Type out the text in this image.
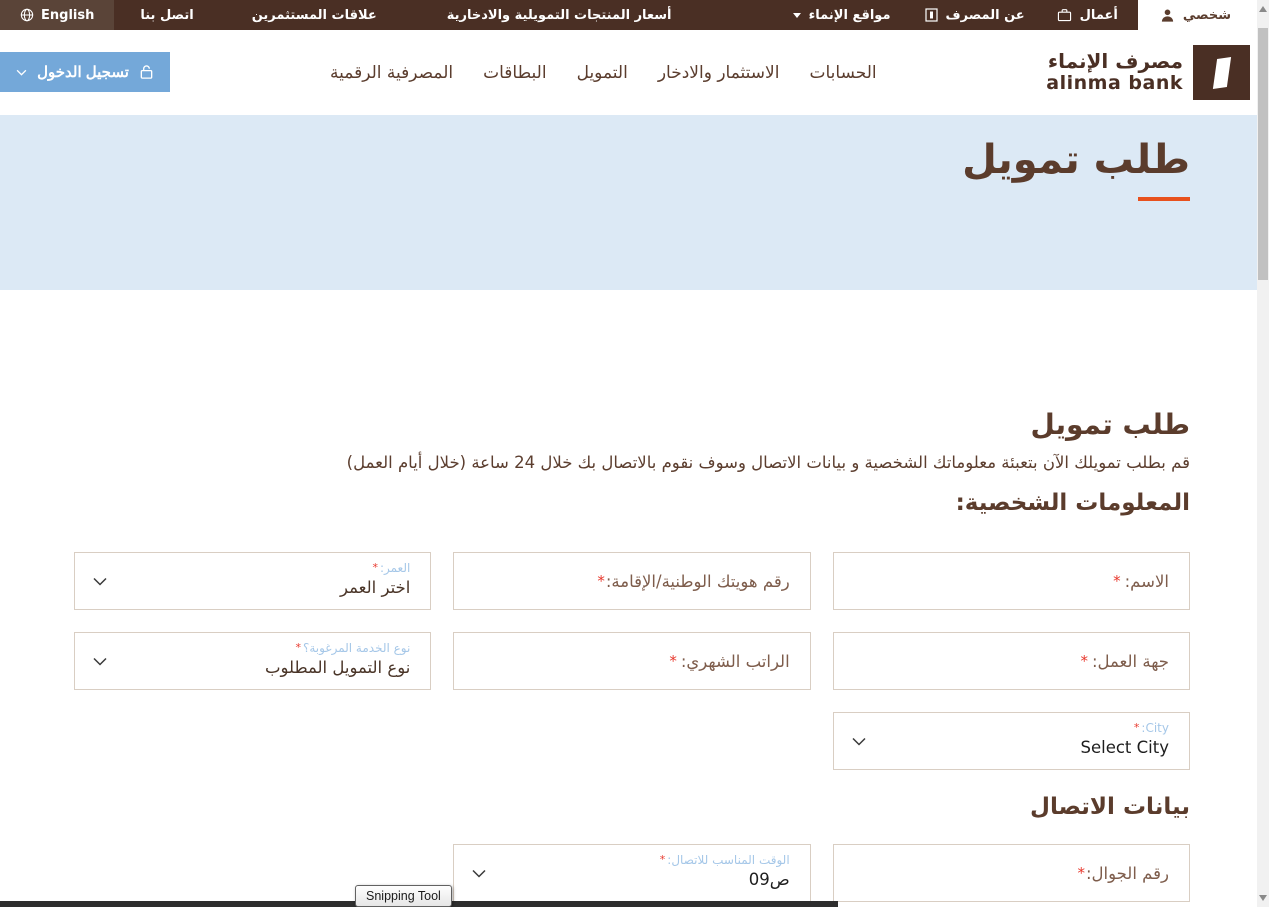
English	اتصل بنا	علاقات المستثمرين	أسعار المنتجات التمويلية والادخارية	مواقع الإنماء	عن المصرف	أعمال	شخصي
تسجيل الدخول	المصرفية الرقمية البطاقات التمويل الاستثمار والادخار الحسابات	مصرف الإنماء
alinma bank
طلب تمويل
طلب تمويل

قم بطلب تمويلك الآن بتعبئة معلوماتك الشخصية و بيانات الاتصال وسوف نقوم بالاتصال بك خلال 24 ساعة (خلال أيام العمل)

المعلومات الشخصية:
الاسم:
*
رقم هويتك الوطنية/الإقامة:
*
العمر:
*
اختر العمر
جهة العمل:
*
الراتب الشهري:
*
نوع الخدمة المرغوبة؟
*
نوع التمويل المطلوب
City:
*
Select City
بيانات الاتصال
رقم الجوال:
*
الوقت المناسب للاتصال:
*
09ص
Snipping Tool
